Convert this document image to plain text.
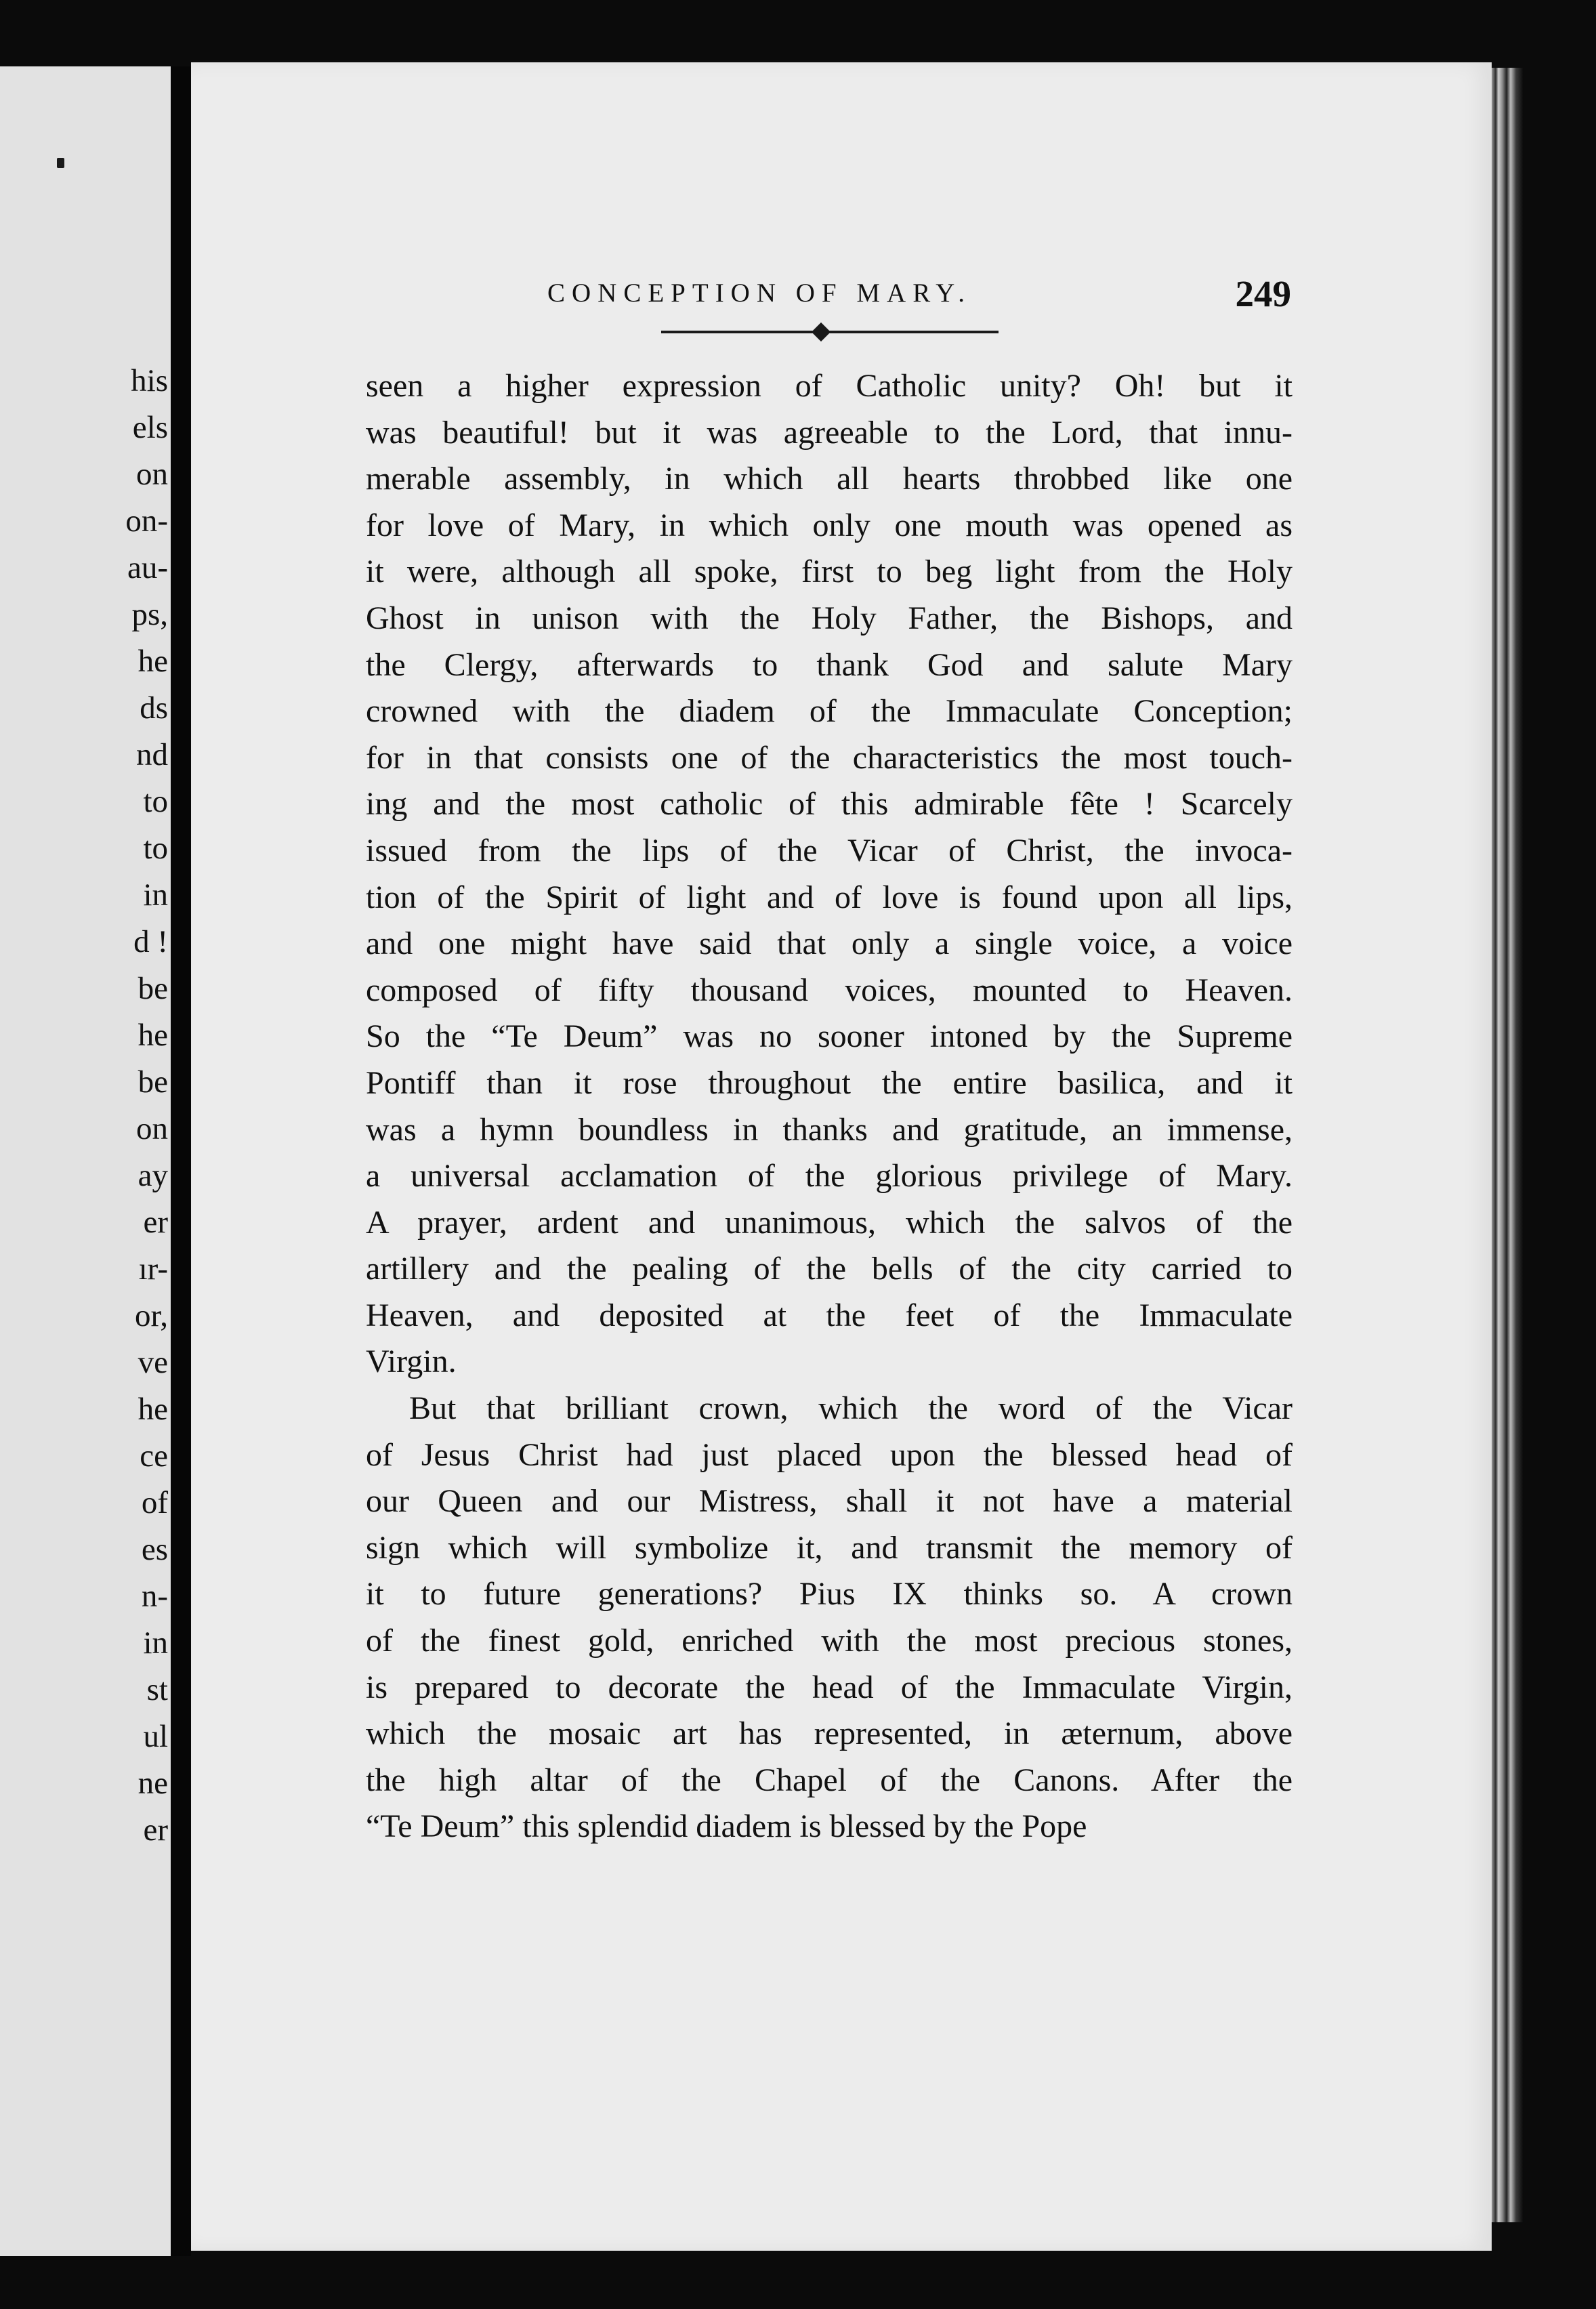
his
els
on
on-
au-
ps,
he
ds
nd
to
to
in
d !
be
he
be
on
ay
er
ır-
or,
ve
he
ce
of
es
n-
in
st
ul
ne
er
CONCEPTION OF MARY.	249
seen a higher expression of Catholic unity? Oh! but it
was beautiful! but it was agreeable to the Lord, that innu-
merable assembly, in which all hearts throbbed like one
for love of Mary, in which only one mouth was opened as
it were, although all spoke, first to beg light from the Holy
Ghost in unison with the Holy Father, the Bishops, and
the Clergy, afterwards to thank God and salute Mary
crowned with the diadem of the Immaculate Conception;
for in that consists one of the characteristics the most touch-
ing and the most catholic of this admirable fête ! Scarcely
issued from the lips of the Vicar of Christ, the invoca-
tion of the Spirit of light and of love is found upon all lips,
and one might have said that only a single voice, a voice
composed of fifty thousand voices, mounted to Heaven.
So the “Te Deum” was no sooner intoned by the Supreme
Pontiff than it rose throughout the entire basilica, and it
was a hymn boundless in thanks and gratitude, an immense,
a universal acclamation of the glorious privilege of Mary.
A prayer, ardent and unanimous, which the salvos of the
artillery and the pealing of the bells of the city carried to
Heaven, and deposited at the feet of the Immaculate
Virgin.
But that brilliant crown, which the word of the Vicar
of Jesus Christ had just placed upon the blessed head of
our Queen and our Mistress, shall it not have a material
sign which will symbolize it, and transmit the memory of
it to future generations? Pius IX thinks so. A crown
of the finest gold, enriched with the most precious stones,
is prepared to decorate the head of the Immaculate Virgin,
which the mosaic art has represented, in æternum, above
the high altar of the Chapel of the Canons. After the
“Te Deum” this splendid diadem is blessed by the Pope
